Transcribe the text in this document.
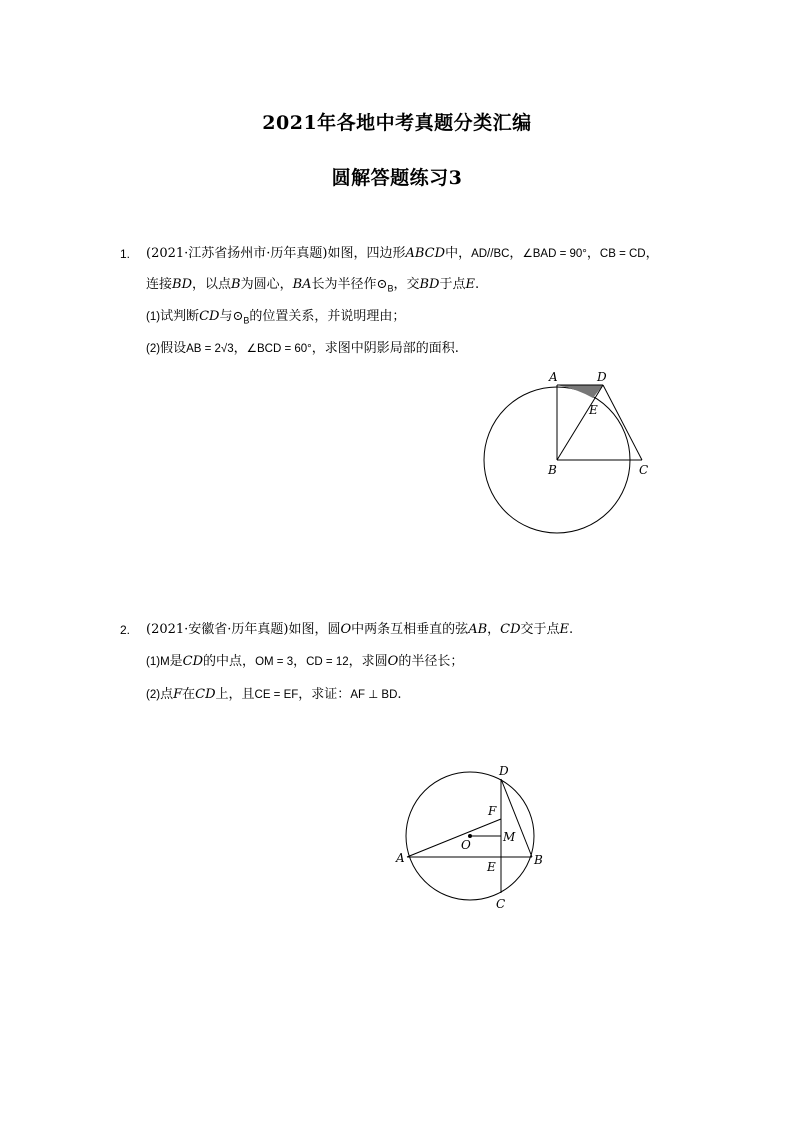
2021年各地中考真题分类汇编
圆解答题练习3
1. (2021·江苏省扬州市·历年真题)如图，四边形ABCD中，AD//BC，∠BAD = 90°，CB = CD，
连接BD，以点B为圆心，BA长为半径作$⊙_B$，交BD于点E.
(1)试判断CD与$⊙_B$的位置关系，并说明理由；
(2)假设AB = 2√3，∠BCD = 60°，求图中阴影局部的面积.
A	D
E
B	C
2. (2021·安徽省·历年真题)如图，圆O中两条互相垂直的弦AB，CD交于点E.
(1)M是CD的中点，OM = 3，CD = 12，求圆O的半径长；
(2)点F在CD上，且CE = EF，求证：AF ⊥ BD.
D
F
M
O
A
E	B
C
